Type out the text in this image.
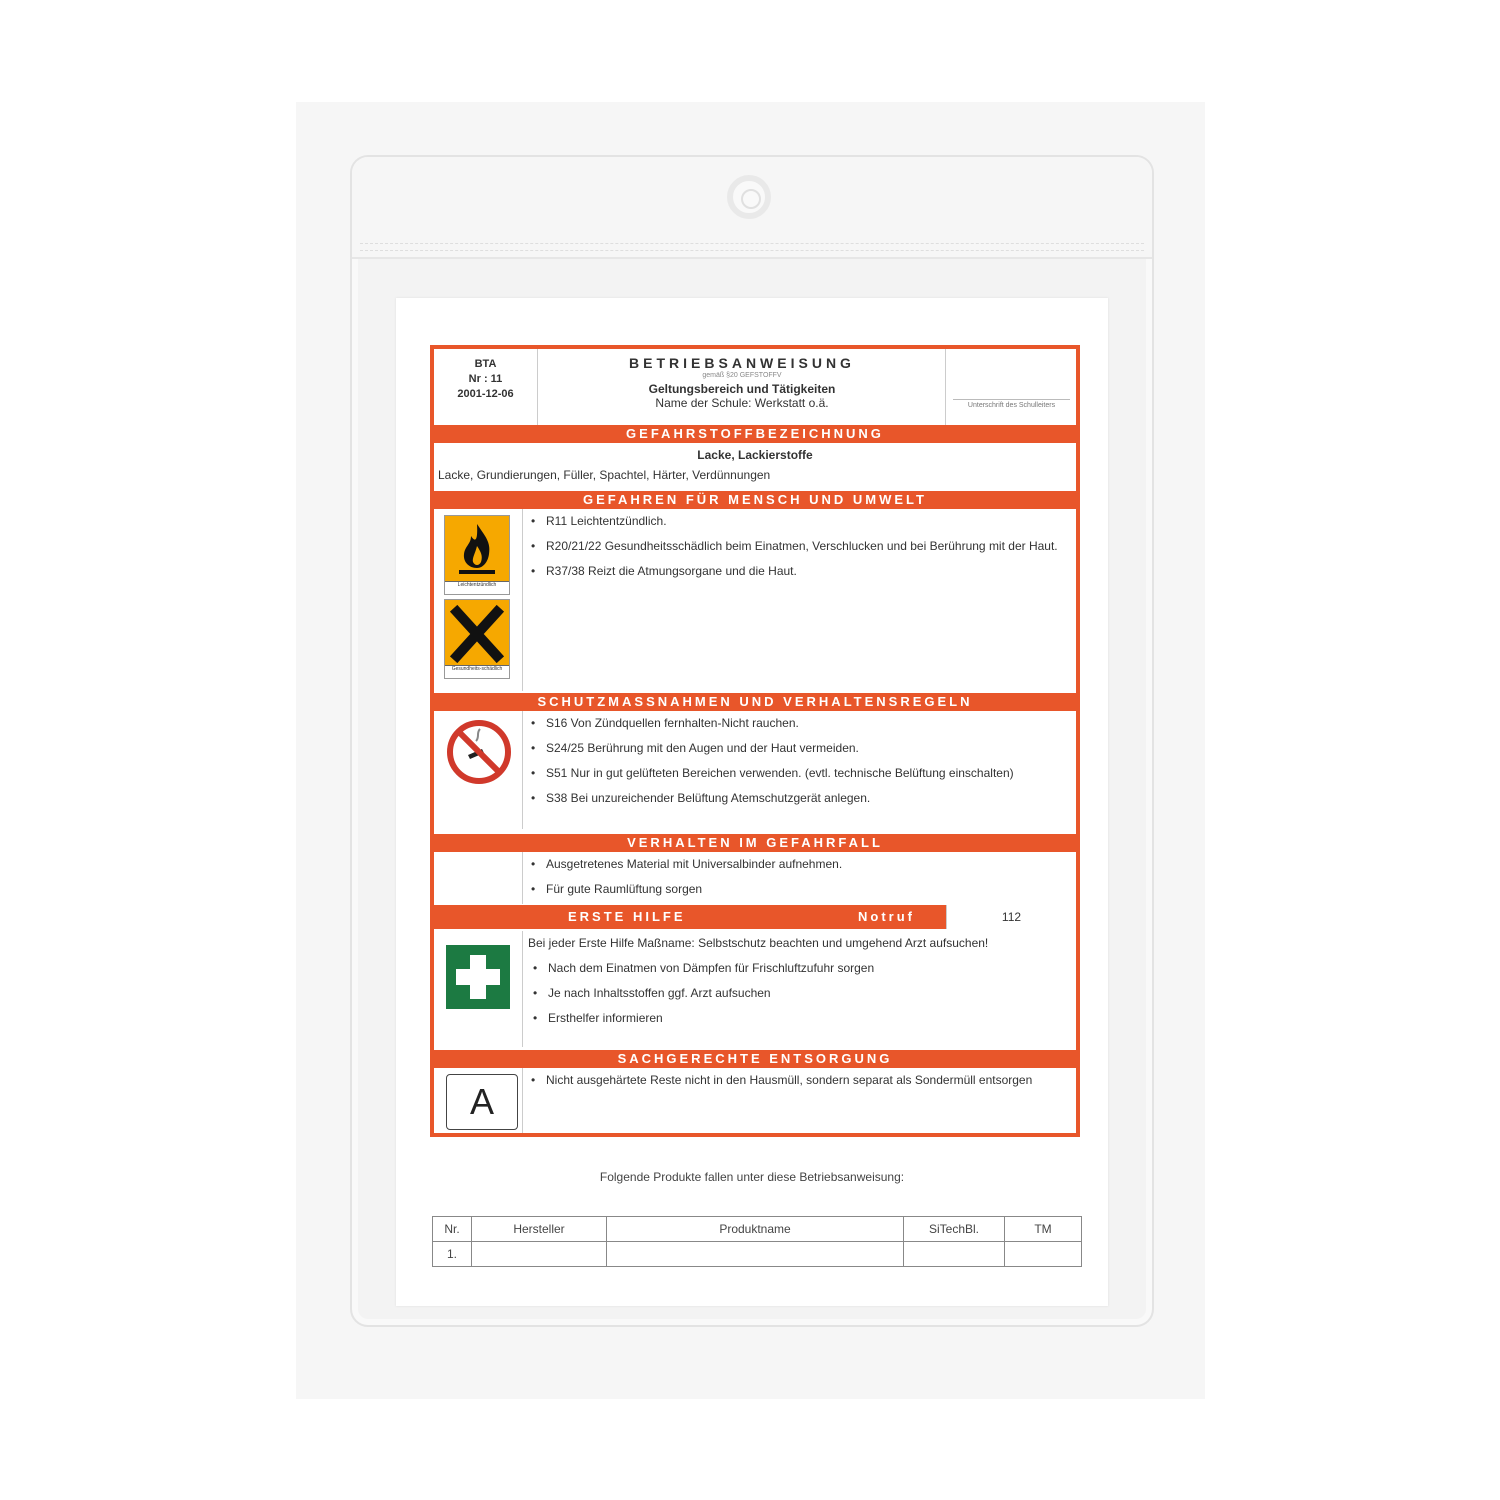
BTA
Nr : 11
2001-12-06
BETRIEBSANWEISUNG
gemäß §20 GEFSTOFFV
Geltungsbereich und Tätigkeiten
Name der Schule: Werkstatt o.ä.	Unterschrift des Schulleiters
GEFAHRSTOFFBEZEICHNUNG
Lacke, Lackierstoffe
Lacke, Grundierungen, Füller, Spachtel, Härter, Verdünnungen
GEFAHREN FÜR MENSCH UND UMWELT
Leichtentzündlich
Gesundheits-schädlich
• R11 Leichtentzündlich.
• R20/21/22 Gesundheitsschädlich beim Einatmen, Verschlucken und bei Berührung mit der Haut.
• R37/38 Reizt die Atmungsorgane und die Haut.
SCHUTZMASSNAHMEN UND VERHALTENSREGELN
• S16 Von Zündquellen fernhalten-Nicht rauchen.
• S24/25 Berührung mit den Augen und der Haut vermeiden.
• S51 Nur in gut gelüfteten Bereichen verwenden. (evtl. technische Belüftung einschalten)
• S38 Bei unzureichender Belüftung Atemschutzgerät anlegen.
VERHALTEN IM GEFAHRFALL
• Ausgetretenes Material mit Universalbinder aufnehmen.
• Für gute Raumlüftung sorgen
ERSTE HILFE	Notruf	112
Bei jeder Erste Hilfe Maßname: Selbstschutz beachten und umgehend Arzt aufsuchen!
• Nach dem Einatmen von Dämpfen für Frischluftzufuhr sorgen
• Je nach Inhaltsstoffen ggf. Arzt aufsuchen
• Ersthelfer informieren
SACHGERECHTE ENTSORGUNG
A
• Nicht ausgehärtete Reste nicht in den Hausmüll, sondern separat als Sondermüll entsorgen
Folgende Produkte fallen unter diese Betriebsanweisung:
Nr.	Hersteller	Produktname	SiTechBl.	TM
1.				
